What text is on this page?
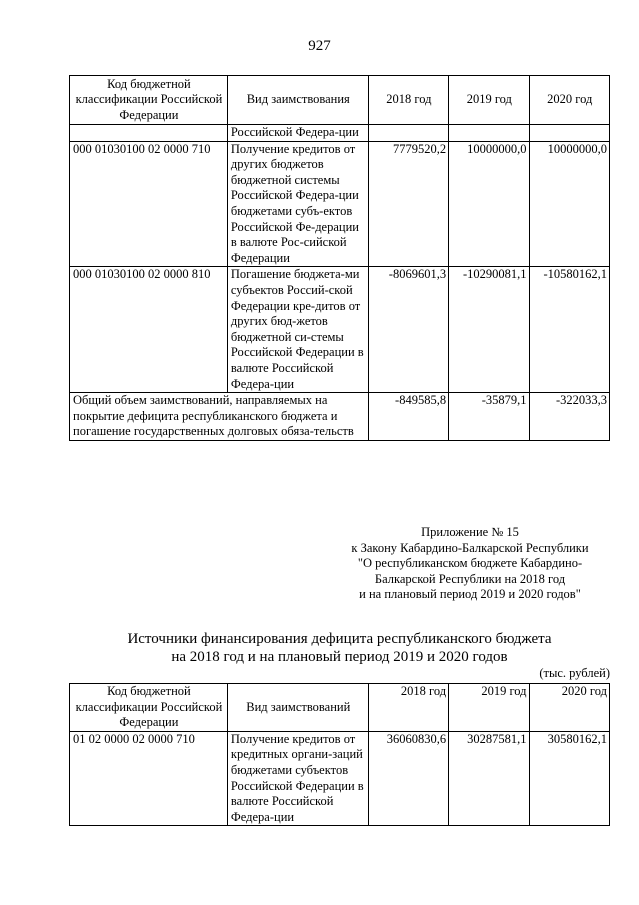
927
Код бюджетной классификации Российской Федерации	Вид заимствования	2018 год	2019 год	2020 год
	Российской Федера-ции			
000 01030100 02 0000 710	Получение кредитов от других бюджетов бюджетной системы Российской Федера-ции бюджетами субъ-ектов Российской Фе-дерации в валюте Рос-сийской Федерации	7779520,2	10000000,0	10000000,0
000 01030100 02 0000 810	Погашение бюджета-ми субъектов Россий-ской Федерации кре-дитов от других бюд-жетов бюджетной си-стемы Российской Федерации в валюте Российской Федера-ции	-8069601,3	-10290081,1	-10580162,1
Общий объем заимствований, направляемых на покрытие дефицита республиканского бюджета и погашение государственных долговых обяза-тельств		-849585,8	-35879,1	-322033,3
Приложение № 15
к Закону Кабардино-Балкарской Республики
"О республиканском бюджете Кабардино-
Балкарской Республики на 2018 год
и на плановый период 2019 и 2020 годов"
Источники финансирования дефицита республиканского бюджета
на 2018 год и на плановый период 2019 и 2020 годов
(тыс. рублей)
Код бюджетной классификации Российской Федерации	Вид заимствований	2018 год	2019 год	2020 год
01 02 0000 02 0000 710	Получение кредитов от кредитных органи-заций бюджетами субъектов Российской Федерации в валюте Российской Федера-ции	36060830,6	30287581,1	30580162,1
